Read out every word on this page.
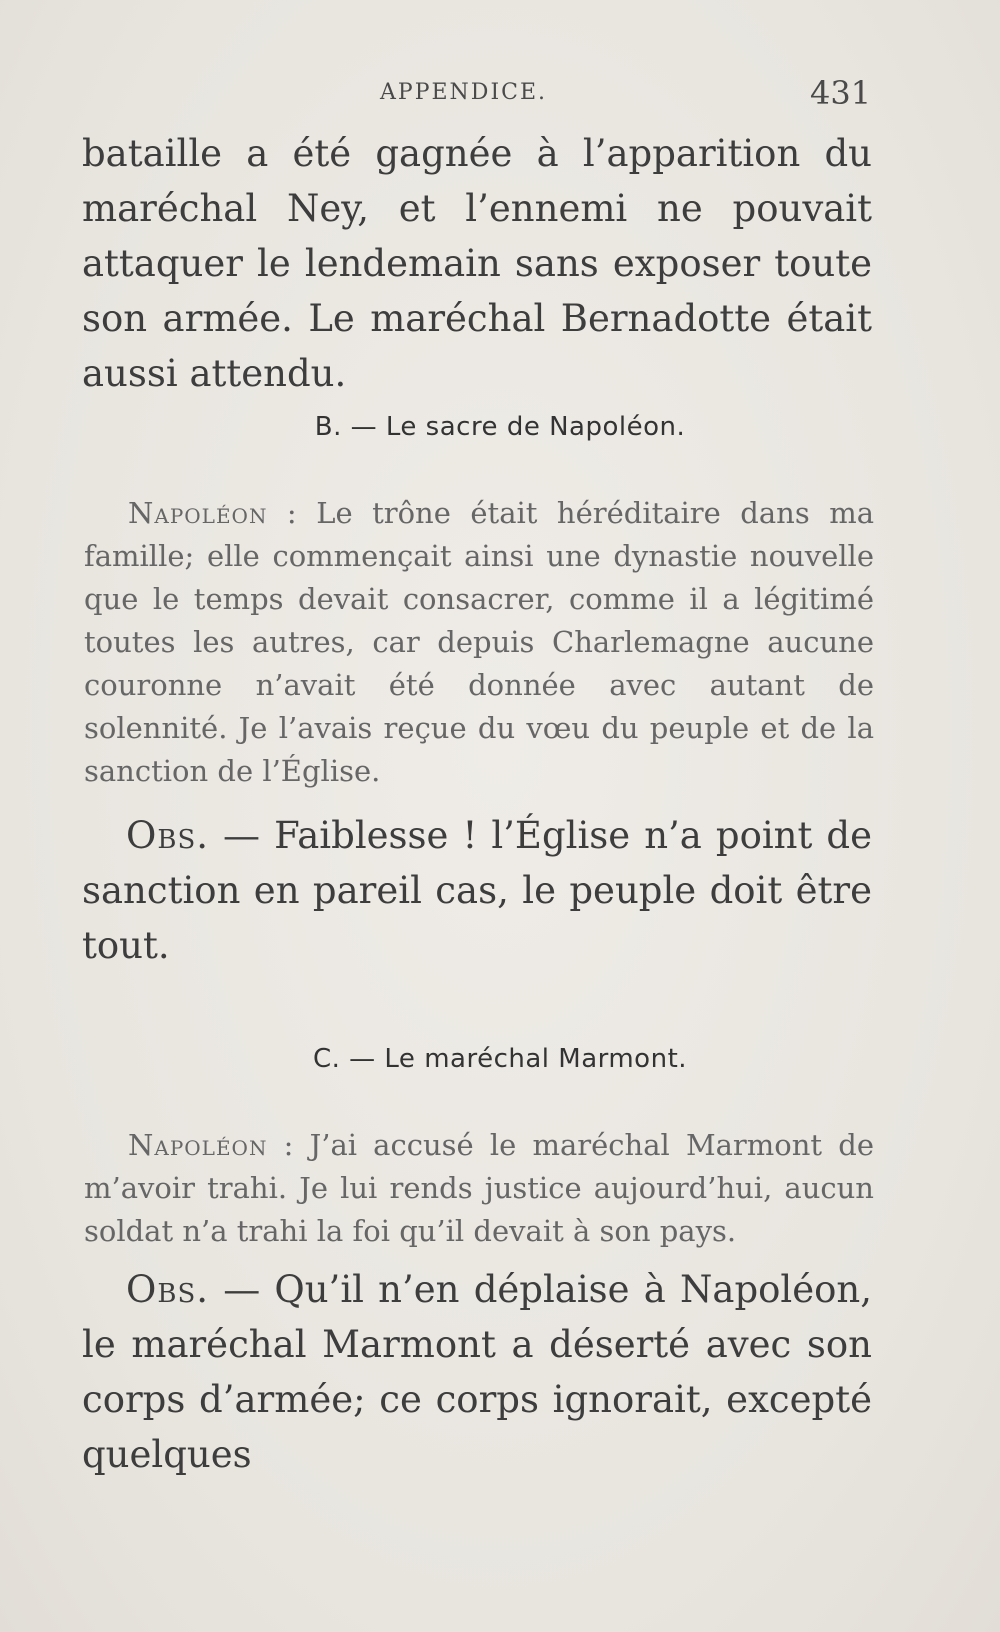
APPENDICE.	431

bataille a été gagnée à l’apparition du maréchal Ney, et l’ennemi ne pouvait attaquer le lendemain sans exposer toute son armée. Le maréchal Bernadotte était aussi attendu.

B. — Le sacre de Napoléon.

Napoléon : Le trône était héréditaire dans ma famille; elle commençait ainsi une dynastie nouvelle que le temps devait consacrer, comme il a légitimé toutes les autres, car depuis Charlemagne aucune couronne n’avait été donnée avec autant de solennité. Je l’avais reçue du vœu du peuple et de la sanction de l’Église.

Obs. — Faiblesse ! l’Église n’a point de sanction en pareil cas, le peuple doit être tout.

C. — Le maréchal Marmont.

Napoléon : J’ai accusé le maréchal Marmont de m’avoir trahi. Je lui rends justice aujourd’hui, aucun soldat n’a trahi la foi qu’il devait à son pays.

Obs. — Qu’il n’en déplaise à Napoléon, le maréchal Marmont a déserté avec son corps d’armée; ce corps ignorait, excepté quelques
